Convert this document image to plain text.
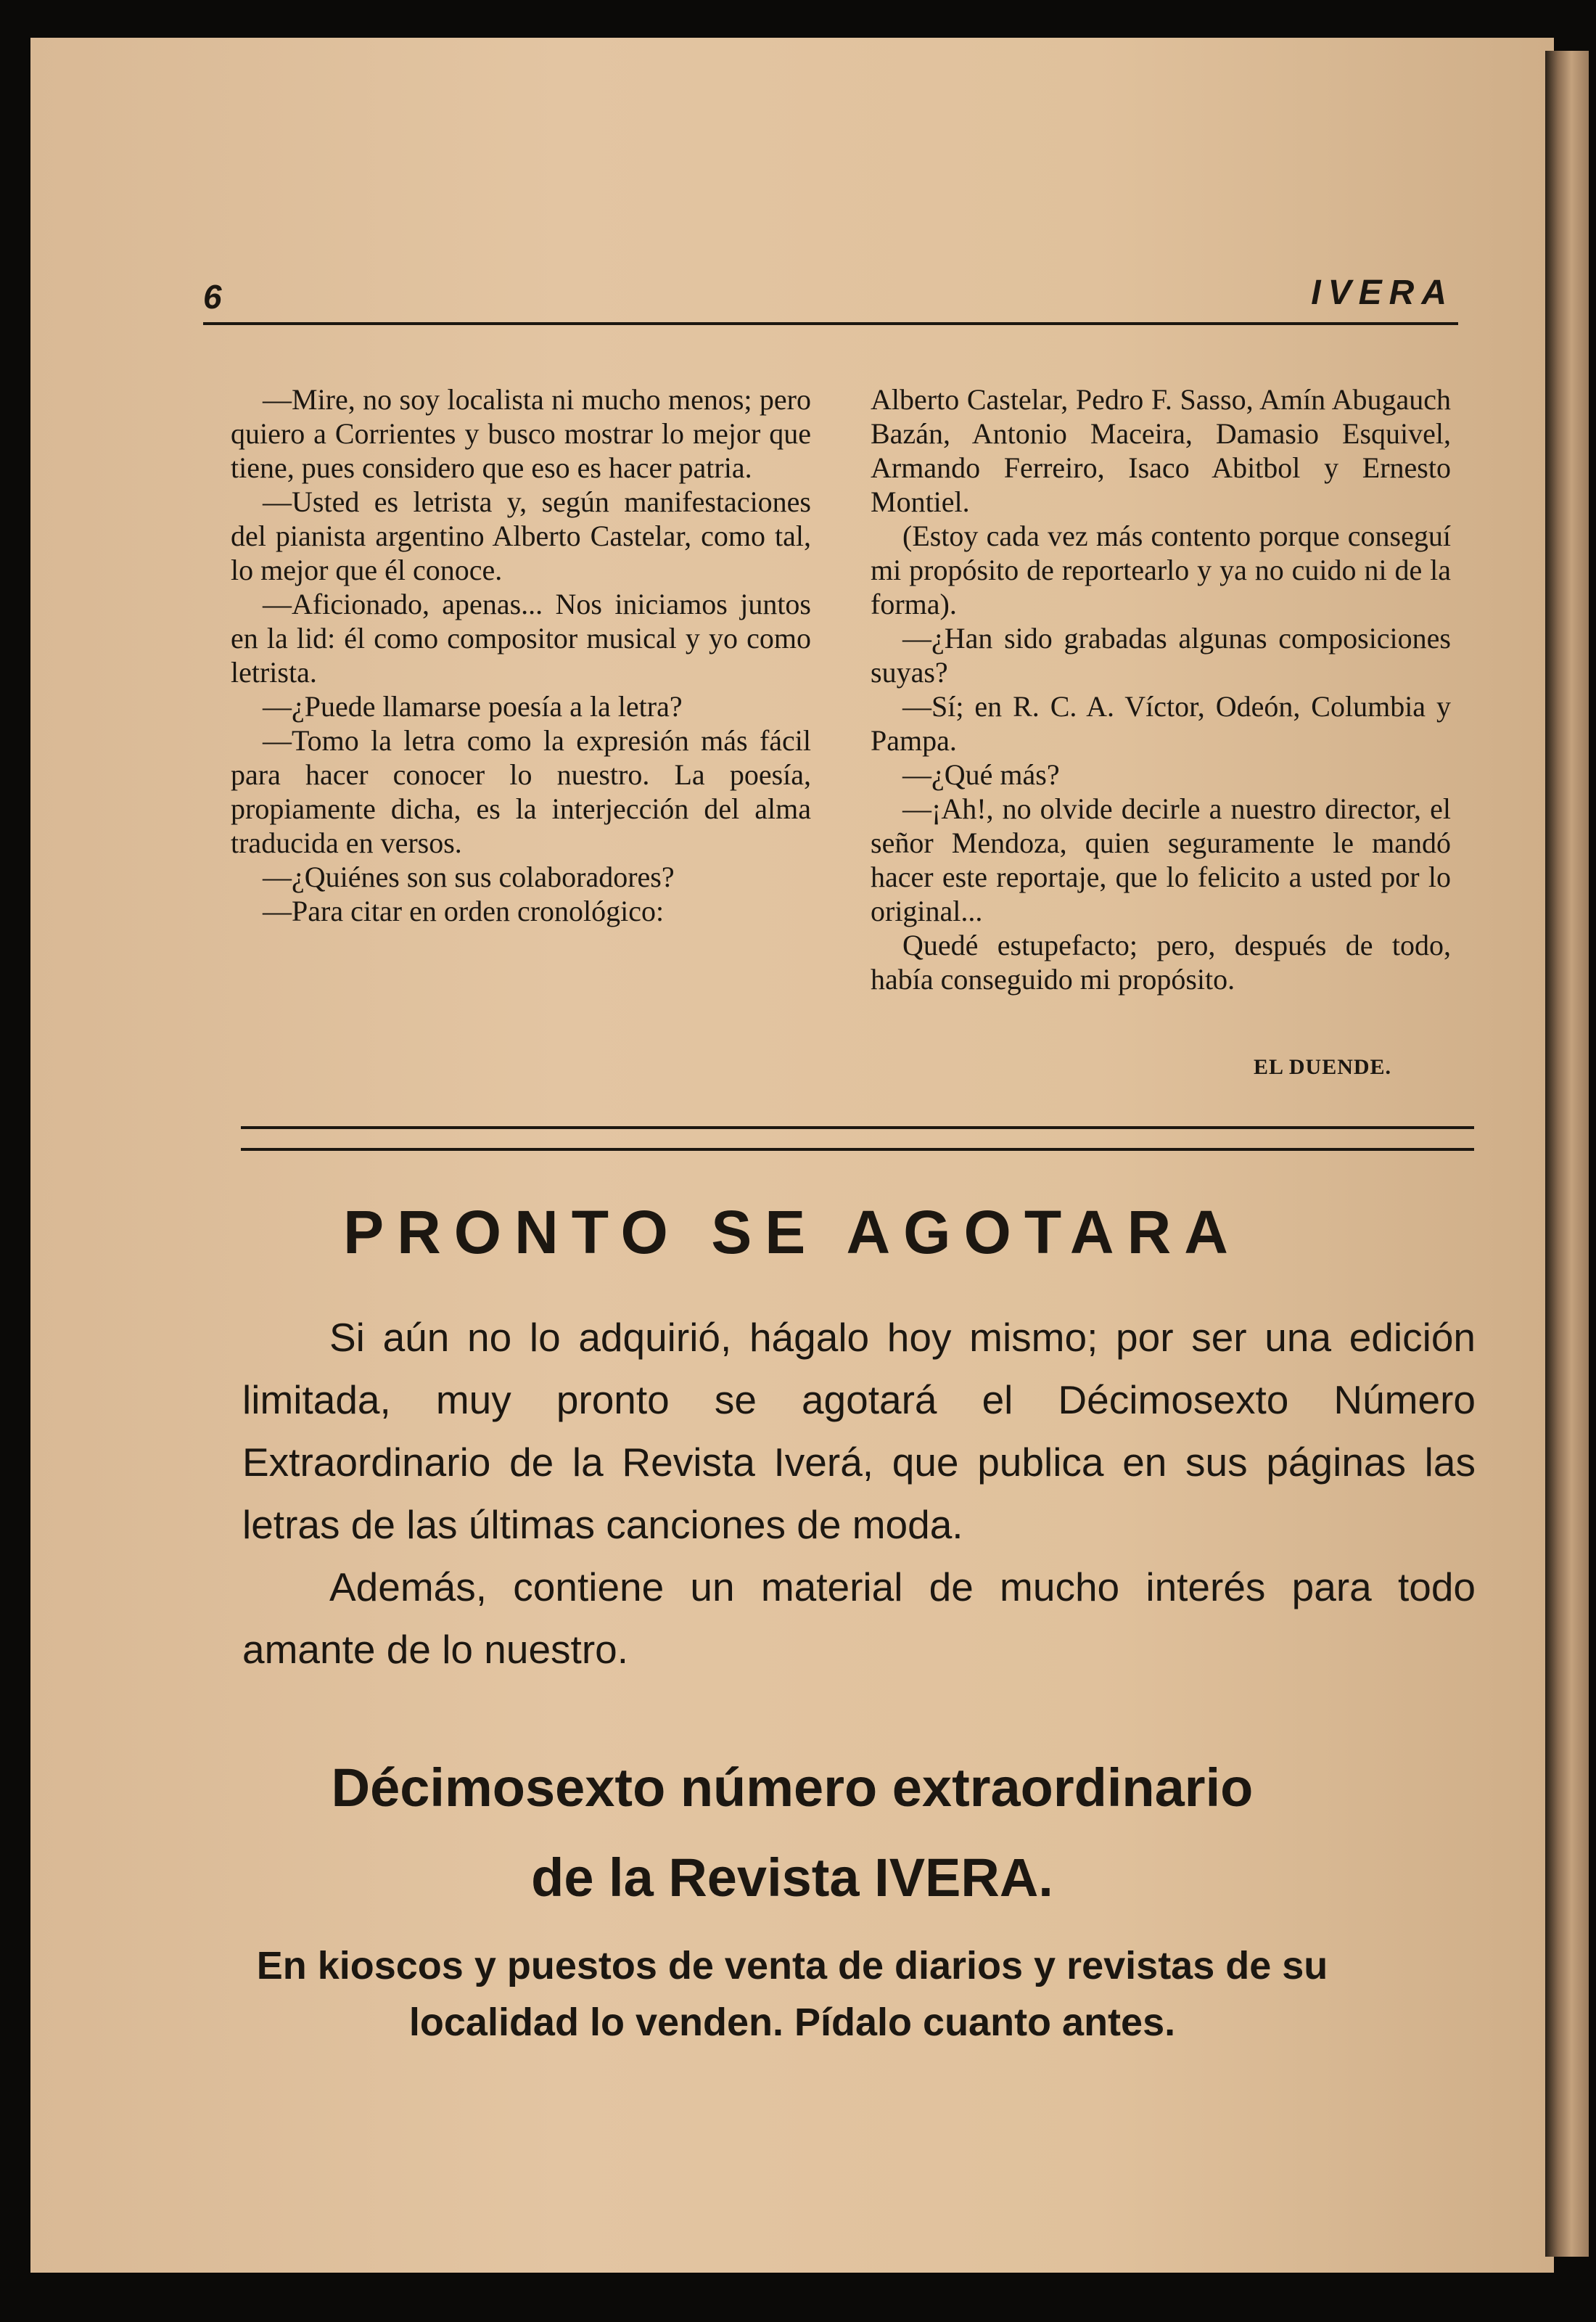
6	IVERA

—Mire, no soy localista ni mucho menos; pero quiero a Corrientes y busco mostrar lo mejor que tiene, pues considero que eso es hacer patria.

—Usted es letrista y, según manifestaciones del pianista argentino Alberto Castelar, como tal, lo mejor que él conoce.

—Aficionado, apenas... Nos iniciamos juntos en la lid: él como compositor musical y yo como letrista.

—¿Puede llamarse poesía a la letra?

—Tomo la letra como la expresión más fácil para hacer conocer lo nuestro. La poesía, propiamente dicha, es la interjección del alma traducida en versos.

—¿Quiénes son sus colaboradores?

—Para citar en orden cronológico:

Alberto Castelar, Pedro F. Sasso, Amín Abugauch Bazán, Antonio Maceira, Damasio Esquivel, Armando Ferreiro, Isaco Abitbol y Ernesto Montiel.

(Estoy cada vez más contento porque conseguí mi propósito de reportearlo y ya no cuido ni de la forma).

—¿Han sido grabadas algunas composiciones suyas?

—Sí; en R. C. A. Víctor, Odeón, Columbia y Pampa.

—¿Qué más?

—¡Ah!, no olvide decirle a nuestro director, el señor Mendoza, quien seguramente le mandó hacer este reportaje, que lo felicito a usted por lo original...

Quedé estupefacto; pero, después de todo, había conseguido mi propósito.

EL DUENDE.
PRONTO SE AGOTARA

Si aún no lo adquirió, hágalo hoy mismo; por ser una edición limitada, muy pronto se agotará el Décimosexto Número Extraordinario de la Revista Iverá, que publica en sus páginas las letras de las últimas canciones de moda.

Además, contiene un material de mucho interés para todo amante de lo nuestro.

Décimosexto número extraordinario
de la Revista IVERA.
En kioscos y puestos de venta de diarios y revistas de su
localidad lo venden. Pídalo cuanto antes.
